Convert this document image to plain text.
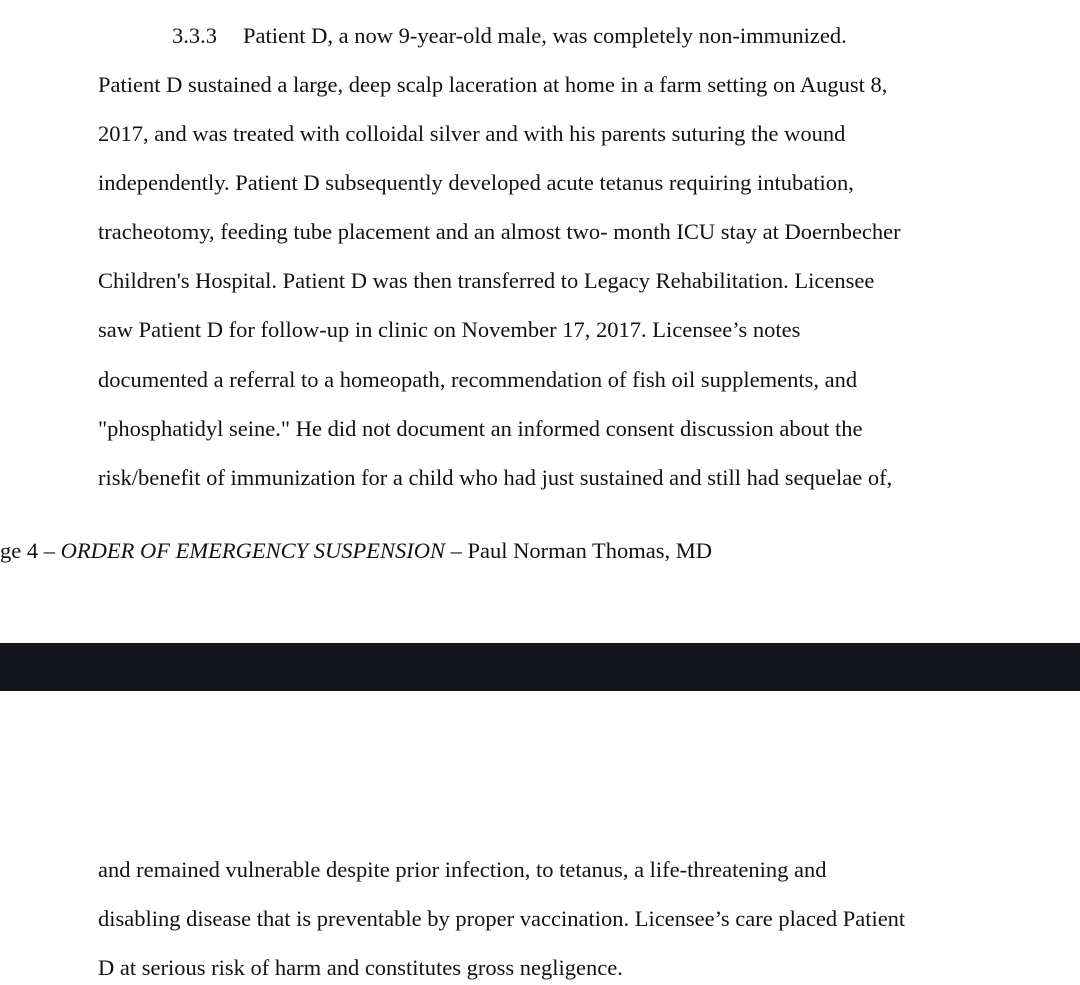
3.3.3 Patient D, a now 9-year-old male, was completely non-immunized.
Patient D sustained a large, deep scalp laceration at home in a farm setting on August 8,
2017, and was treated with colloidal silver and with his parents suturing the wound
independently. Patient D subsequently developed acute tetanus requiring intubation,
tracheotomy, feeding tube placement and an almost two- month ICU stay at Doernbecher
Children's Hospital. Patient D was then transferred to Legacy Rehabilitation. Licensee
saw Patient D for follow-up in clinic on November 17, 2017. Licensee’s notes
documented a referral to a homeopath, recommendation of fish oil supplements, and
"phosphatidyl seine." He did not document an informed consent discussion about the
risk/benefit of immunization for a child who had just sustained and still had sequelae of,
ge 4 – ORDER OF EMERGENCY SUSPENSION – Paul Norman Thomas, MD
and remained vulnerable despite prior infection, to tetanus, a life-threatening and
disabling disease that is preventable by proper vaccination. Licensee’s care placed Patient
D at serious risk of harm and constitutes gross negligence.
